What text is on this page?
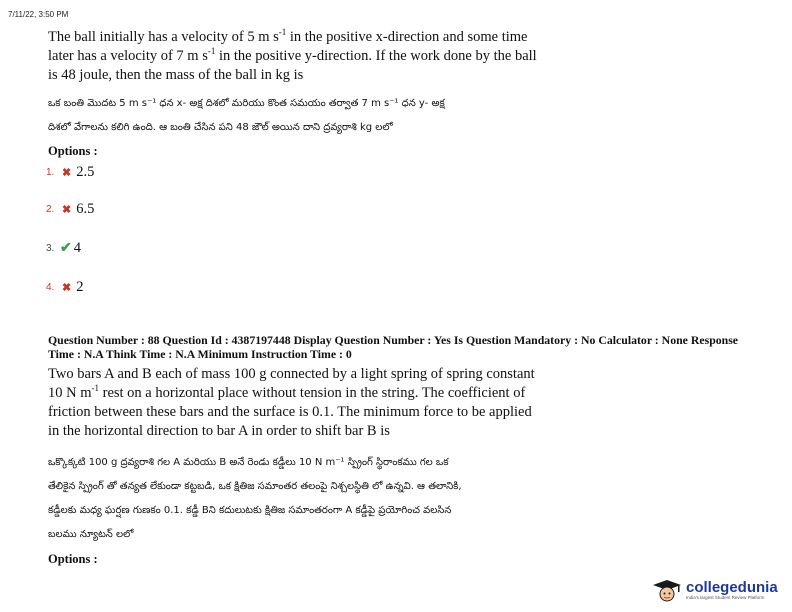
7/11/22, 3:50 PM
The ball initially has a velocity of 5 m $s^{-1}$ in the positive x-direction and some time
later has a velocity of 7 m $s^{-1}$ in the positive y-direction. If the work done by the ball
is 48 joule, then the mass of the ball in kg is
ఒక బంతి మొదట 5 m s⁻¹ ధన x- అక్ష దిశలో మరియు కొంత సమయం తర్వాత 7 m s⁻¹ ధన y- అక్ష
దిశలో వేగాలను కలిగి ఉంది. ఆ బంతి చేసిన పని 48 జౌల్ అయిన దాని ద్రవ్యరాశి kg లలో
Options :
1. ✖ 2.5
2. ✖ 6.5
3. ✔ 4
4. ✖ 2
Question Number : 88 Question Id : 4387197448 Display Question Number : Yes Is Question Mandatory : No Calculator : None Response
Time : N.A Think Time : N.A Minimum Instruction Time : 0
Two bars A and B each of mass 100 g connected by a light spring of spring constant
10 N $m^{-1}$ rest on a horizontal place without tension in the string. The coefficient of
friction between these bars and the surface is 0.1. The minimum force to be applied
in the horizontal direction to bar A in order to shift bar B is
ఒక్కొక్కటి 100 g ద్రవ్యరాశి గల A మరియు B అనే రెండు కడ్డీలు 10 N m⁻¹ స్ప్రింగ్ స్థిరాంకము గల ఒక
తేలికైన స్ప్రింగ్ తో తన్యత లేకుండా కట్టబడి, ఒక క్షితిజ సమాంతర తలంపై నిశ్చలస్థితి లో ఉన్నవి. ఆ తలానికి,
కడ్డీలకు మధ్య ఘర్షణ గుణకం 0.1. కడ్డీ Bని కదులుటకు క్షితిజ సమాంతరంగా A కడ్డీపై ప్రయోగించ వలసిన
బలము న్యూటన్ లలో
Options :
collegedunia
India's largest Student Review Platform
